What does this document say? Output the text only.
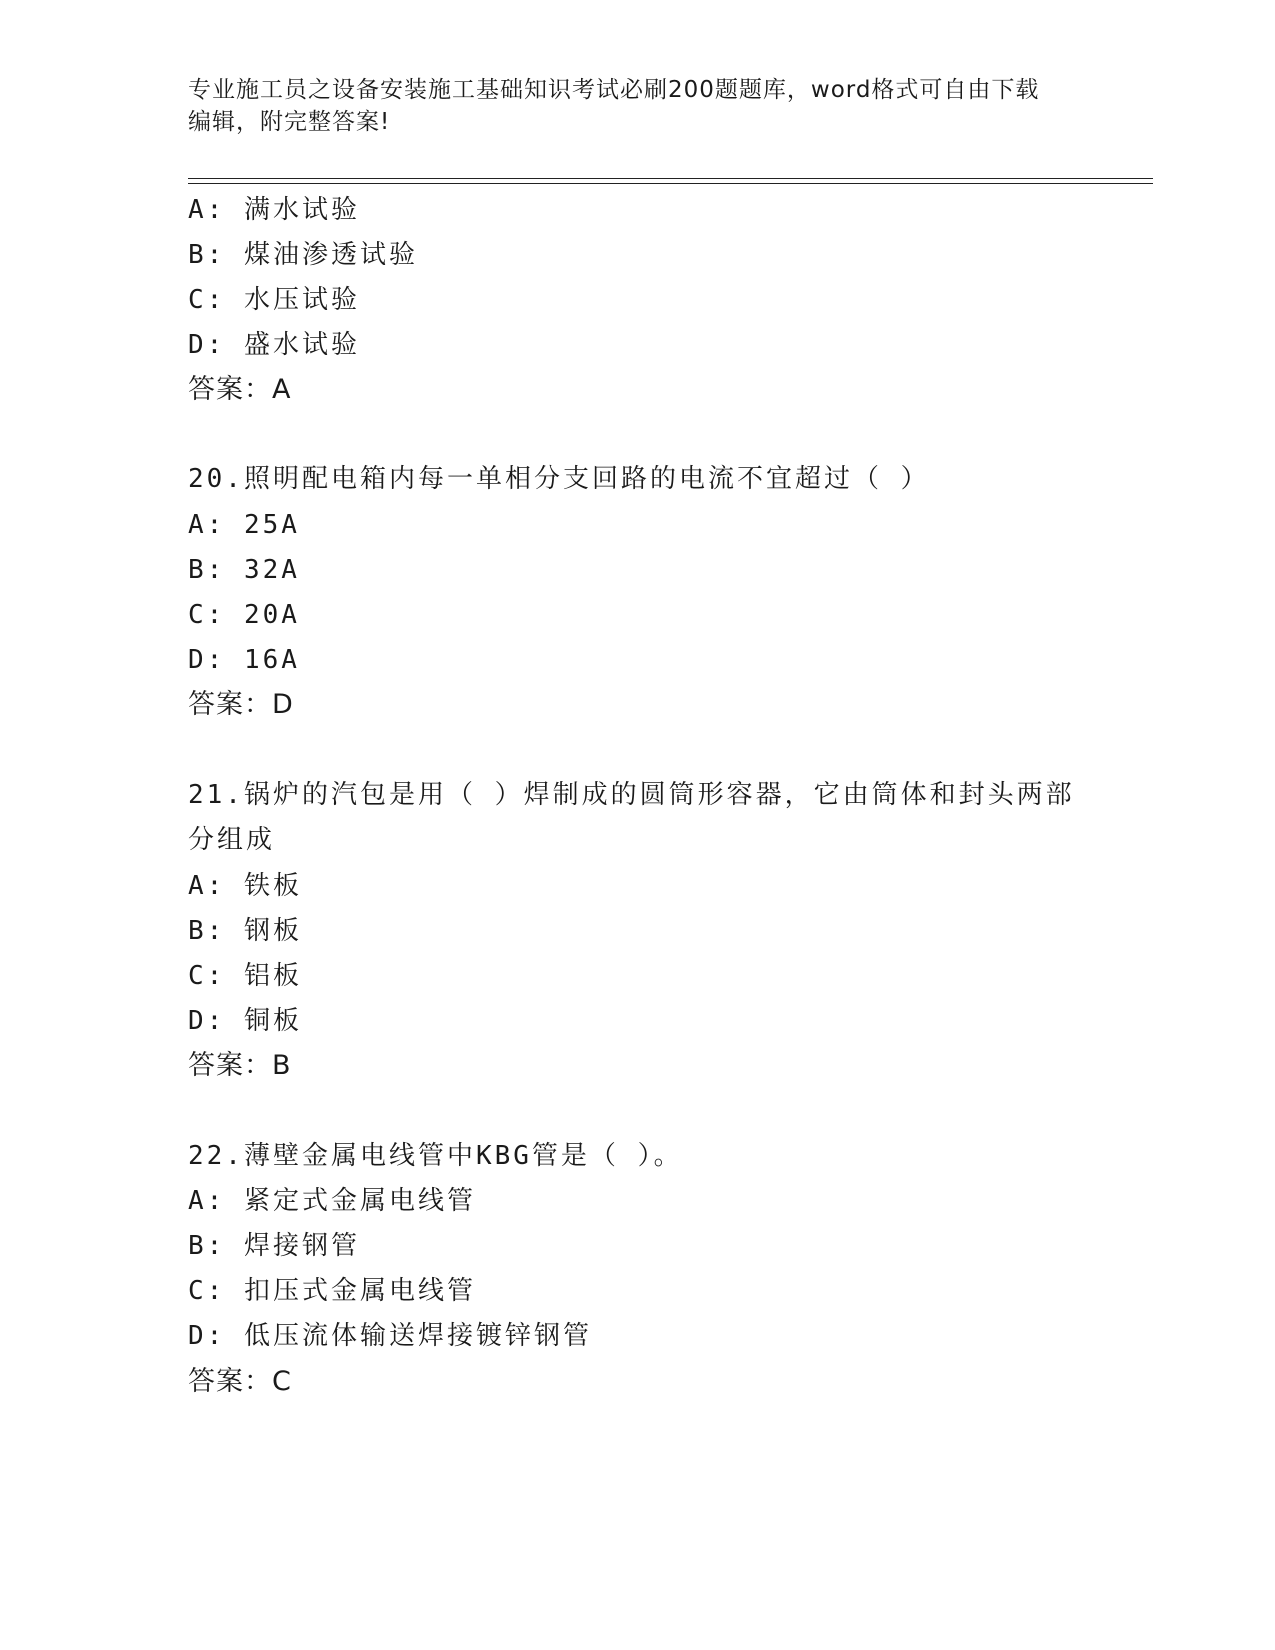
专业施工员之设备安装施工基础知识考试必刷200题题库，word格式可自由下载
编辑，附完整答案!
A: 满水试验
B: 煤油渗透试验
C: 水压试验
D: 盛水试验
答案：A
20.照明配电箱内每一单相分支回路的电流不宜超过（ ）
A: 25A
B: 32A
C: 20A
D: 16A
答案：D
21.锅炉的汽包是用（ ）焊制成的圆筒形容器，它由筒体和封头两部
分组成
A: 铁板
B: 钢板
C: 铝板
D: 铜板
答案：B
22.薄壁金属电线管中KBG管是（ ）。
A: 紧定式金属电线管
B: 焊接钢管
C: 扣压式金属电线管
D: 低压流体输送焊接镀锌钢管
答案：C
